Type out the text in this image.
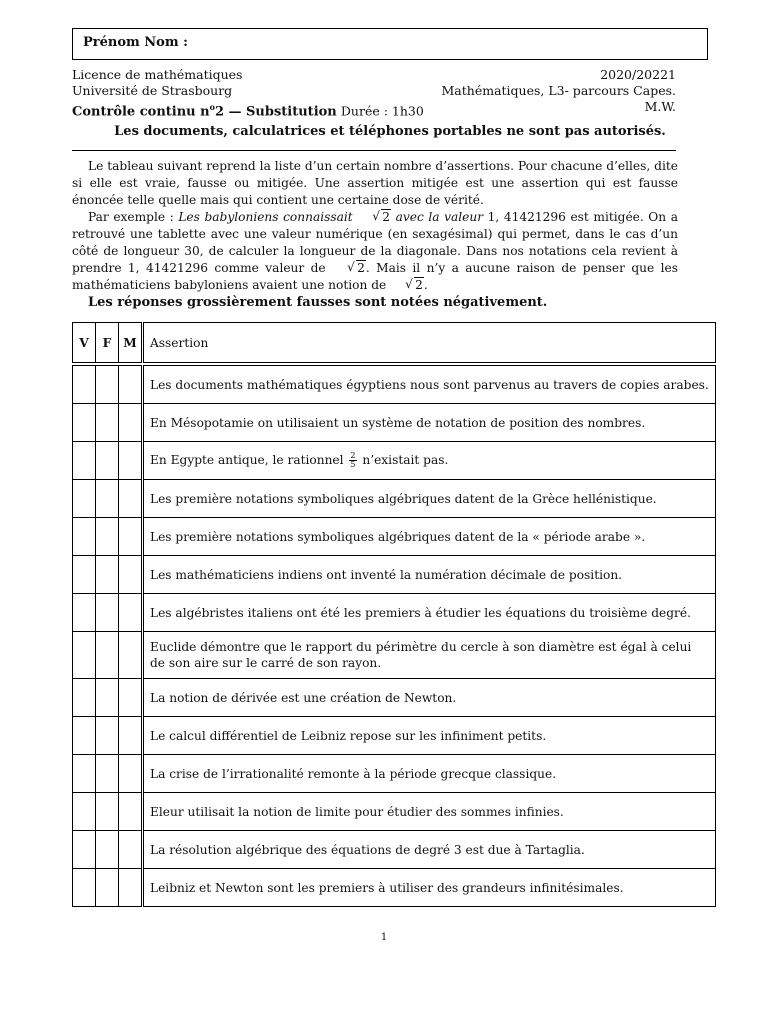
Prénom Nom :
Licence de mathématiques
Université de Strasbourg
Contrôle continu $n^o2$ — Substitution Durée : 1h30
2020/20221
Mathématiques, L3- parcours Capes.
M.W.
Les documents, calculatrices et téléphones portables ne sont pas autorisés.
Le tableau suivant reprend la liste d’un certain nombre d’assertions. Pour chacune d’elles, dite si elle est vraie, fausse ou mitigée. Une assertion mitigée est une assertion qui est fausse énoncée telle quelle mais qui contient une certaine dose de vérité.
Par exemple : Les babyloniens connaissait √ 2 avec la valeur 1, 41421296 est mitigée. On a retrouvé une tablette avec une valeur numérique (en sexagésimal) qui permet, dans le cas d’un côté de longueur 30, de calculer la longueur de la diagonale. Dans nos notations cela revient à prendre 1, 41421296 comme valeur de	√ 2. Mais il n’y a aucune raison de penser que les mathématiciens babyloniens avaient une notion de √ 2.
Les réponses grossièrement fausses sont notées négativement.
V	F	M	Assertion

			Les documents mathématiques égyptiens nous sont parvenus au travers de copies arabes.
			En Mésopotamie on utilisaient un système de notation de position des nombres.
			En Egypte antique, le rationnel $\frac{2}{5}$ n’existait pas.
			Les première notations symboliques algébriques datent de la Grèce hellénistique.
			Les première notations symboliques algébriques datent de la « période arabe ».
			Les mathématiciens indiens ont inventé la numération décimale de position.
			Les algébristes italiens ont été les premiers à étudier les équations du troisième degré.
			Euclide démontre que le rapport du périmètre du cercle à son diamètre est égal à celui de son aire sur le carré de son rayon.
			La notion de dérivée est une création de Newton.
			Le calcul différentiel de Leibniz repose sur les infiniment petits.
			La crise de l’irrationalité remonte à la période grecque classique.
			Eleur utilisait la notion de limite pour étudier des sommes infinies.
			La résolution algébrique des équations de degré 3 est due à Tartaglia.
			Leibniz et Newton sont les premiers à utiliser des grandeurs infinitésimales.
1
